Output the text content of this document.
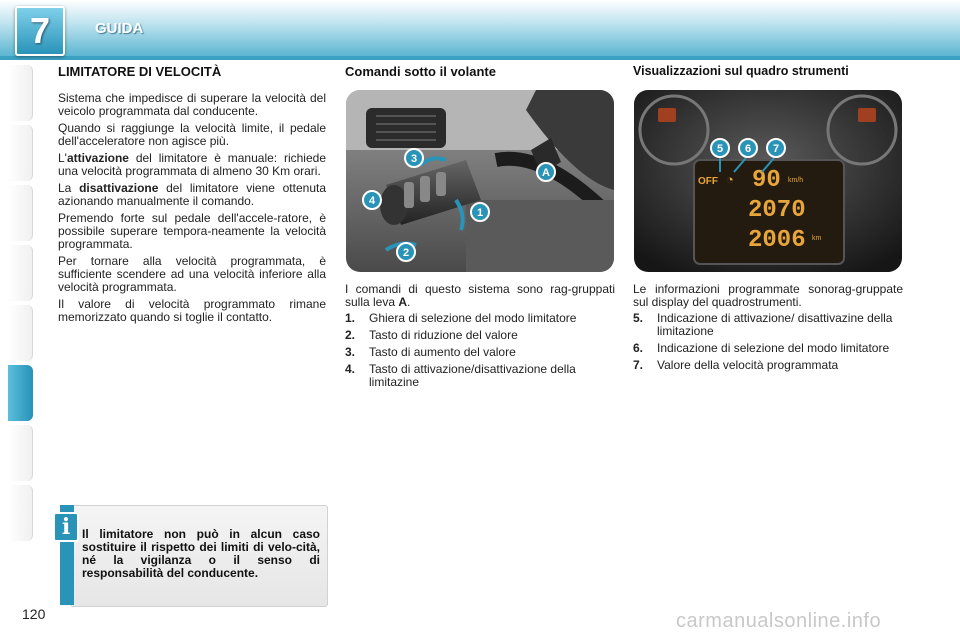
7	GUIDA
LIMITATORE DI VELOCITÀ

Sistema che impedisce di superare la velocità del veicolo programmata dal conducente.

Quando si raggiunge la velocità limite, il pedale dell'acceleratore non agisce più.

L'attivazione del limitatore è manuale: richiede una velocità programmata di almeno 30 Km orari.

La disattivazione del limitatore viene ottenuta azionando manualmente il comando.

Premendo forte sul pedale dell'accele-ratore, è possibile superare tempora-neamente la velocità programmata.

Per tornare alla velocità programmata, è sufficiente scendere ad una velocità inferiore alla velocità programmata.

Il valore di velocità programmato rimane memorizzato quando si toglie il contatto.

i Il limitatore non può in alcun caso sostituire il rispetto dei limiti di velo-cità, né la vigilanza o il senso di responsabilità del conducente.
Comandi sotto il volante
3
4
1
2
A
I comandi di questo sistema sono rag-gruppati sulla leva A.
1. Ghiera di selezione del modo limitatore
2. Tasto di riduzione del valore
3. Tasto di aumento del valore
4. Tasto di attivazione/disattivazione della limitazine
Visualizzazioni sul quadro strumenti
OFF ◔ 90 km/h
2070
2006 km
5 6 7
Le informazioni programmate sonorag-gruppate sul display del quadrostrumenti.
5. Indicazione di attivazione/ disattivazine della limitazione
6. Indicazione di selezione del modo limitatore
7. Valore della velocità programmata
120	carmanualsonline.info
